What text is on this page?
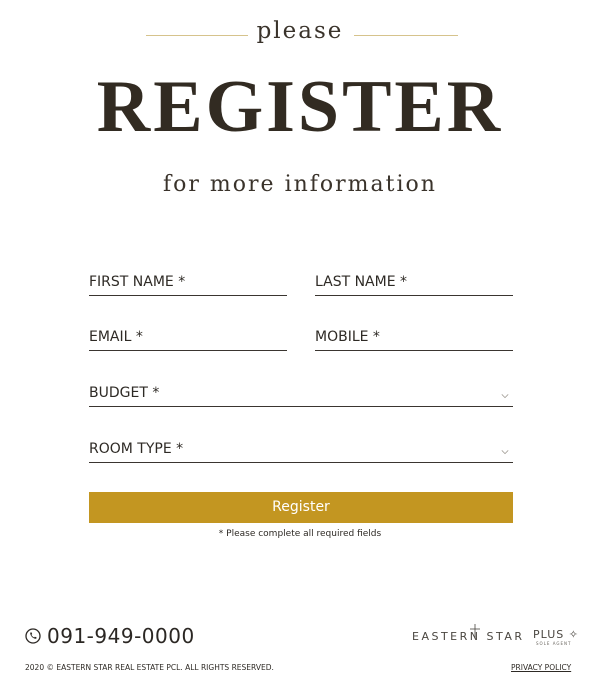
please
REGISTER
for more information
FIRST NAME *	LAST NAME *
EMAIL *	MOBILE *
BUDGET *
ROOM TYPE *
Register
* Please complete all required fields
091-949-0000	EASTERN STAR PLUS ✧
SOLE AGENT
2020 © EASTERN STAR REAL ESTATE PCL. ALL RIGHTS RESERVED.	PRIVACY POLICY
